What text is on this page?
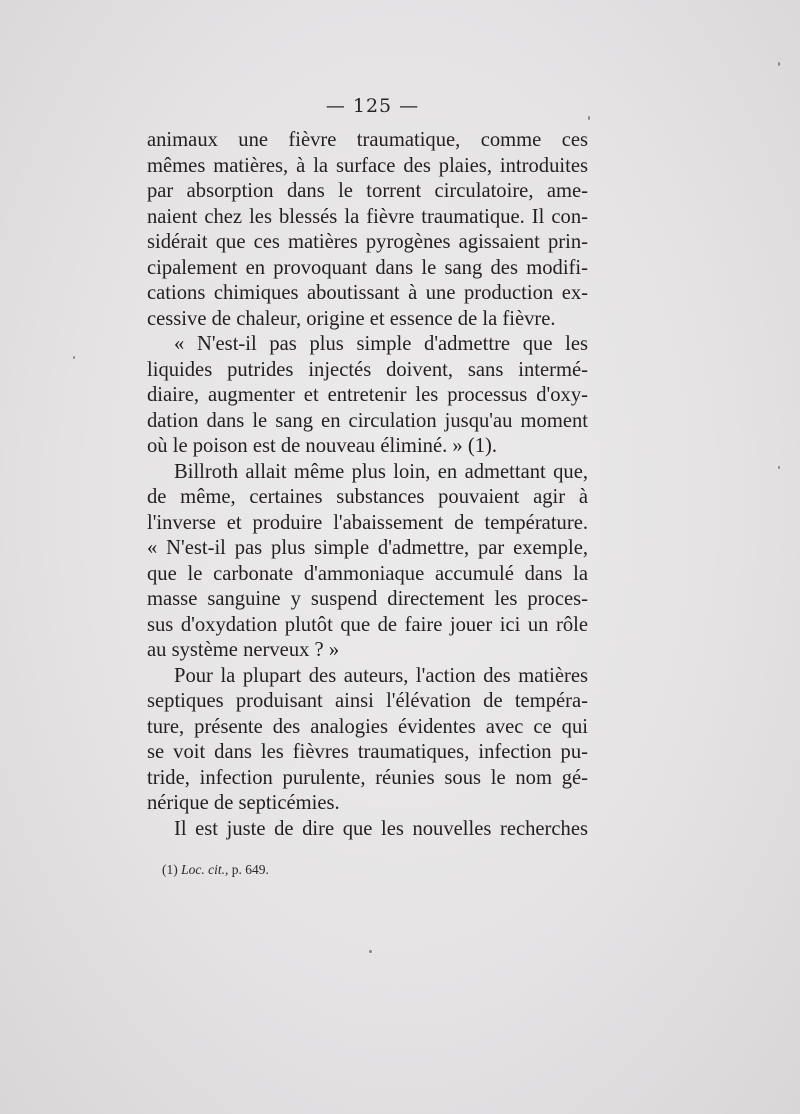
— 125 —
animaux une fièvre traumatique, comme ces
mêmes matières, à la surface des plaies, introduites
par absorption dans le torrent circulatoire, ame-
naient chez les blessés la fièvre traumatique. Il con-
sidérait que ces matières pyrogènes agissaient prin-
cipalement en provoquant dans le sang des modifi-
cations chimiques aboutissant à une production ex-
cessive de chaleur, origine et essence de la fièvre.
« N'est-il pas plus simple d'admettre que les
liquides putrides injectés doivent, sans intermé-
diaire, augmenter et entretenir les processus d'oxy-
dation dans le sang en circulation jusqu'au moment
où le poison est de nouveau éliminé. » (1).
Billroth allait même plus loin, en admettant que,
de même, certaines substances pouvaient agir à
l'inverse et produire l'abaissement de température.
« N'est-il pas plus simple d'admettre, par exemple,
que le carbonate d'ammoniaque accumulé dans la
masse sanguine y suspend directement les proces-
sus d'oxydation plutôt que de faire jouer ici un rôle
au système nerveux ? »
Pour la plupart des auteurs, l'action des matières
septiques produisant ainsi l'élévation de tempéra-
ture, présente des analogies évidentes avec ce qui
se voit dans les fièvres traumatiques, infection pu-
tride, infection purulente, réunies sous le nom gé-
nérique de septicémies.
Il est juste de dire que les nouvelles recherches
(1) Loc. cit., p. 649.
